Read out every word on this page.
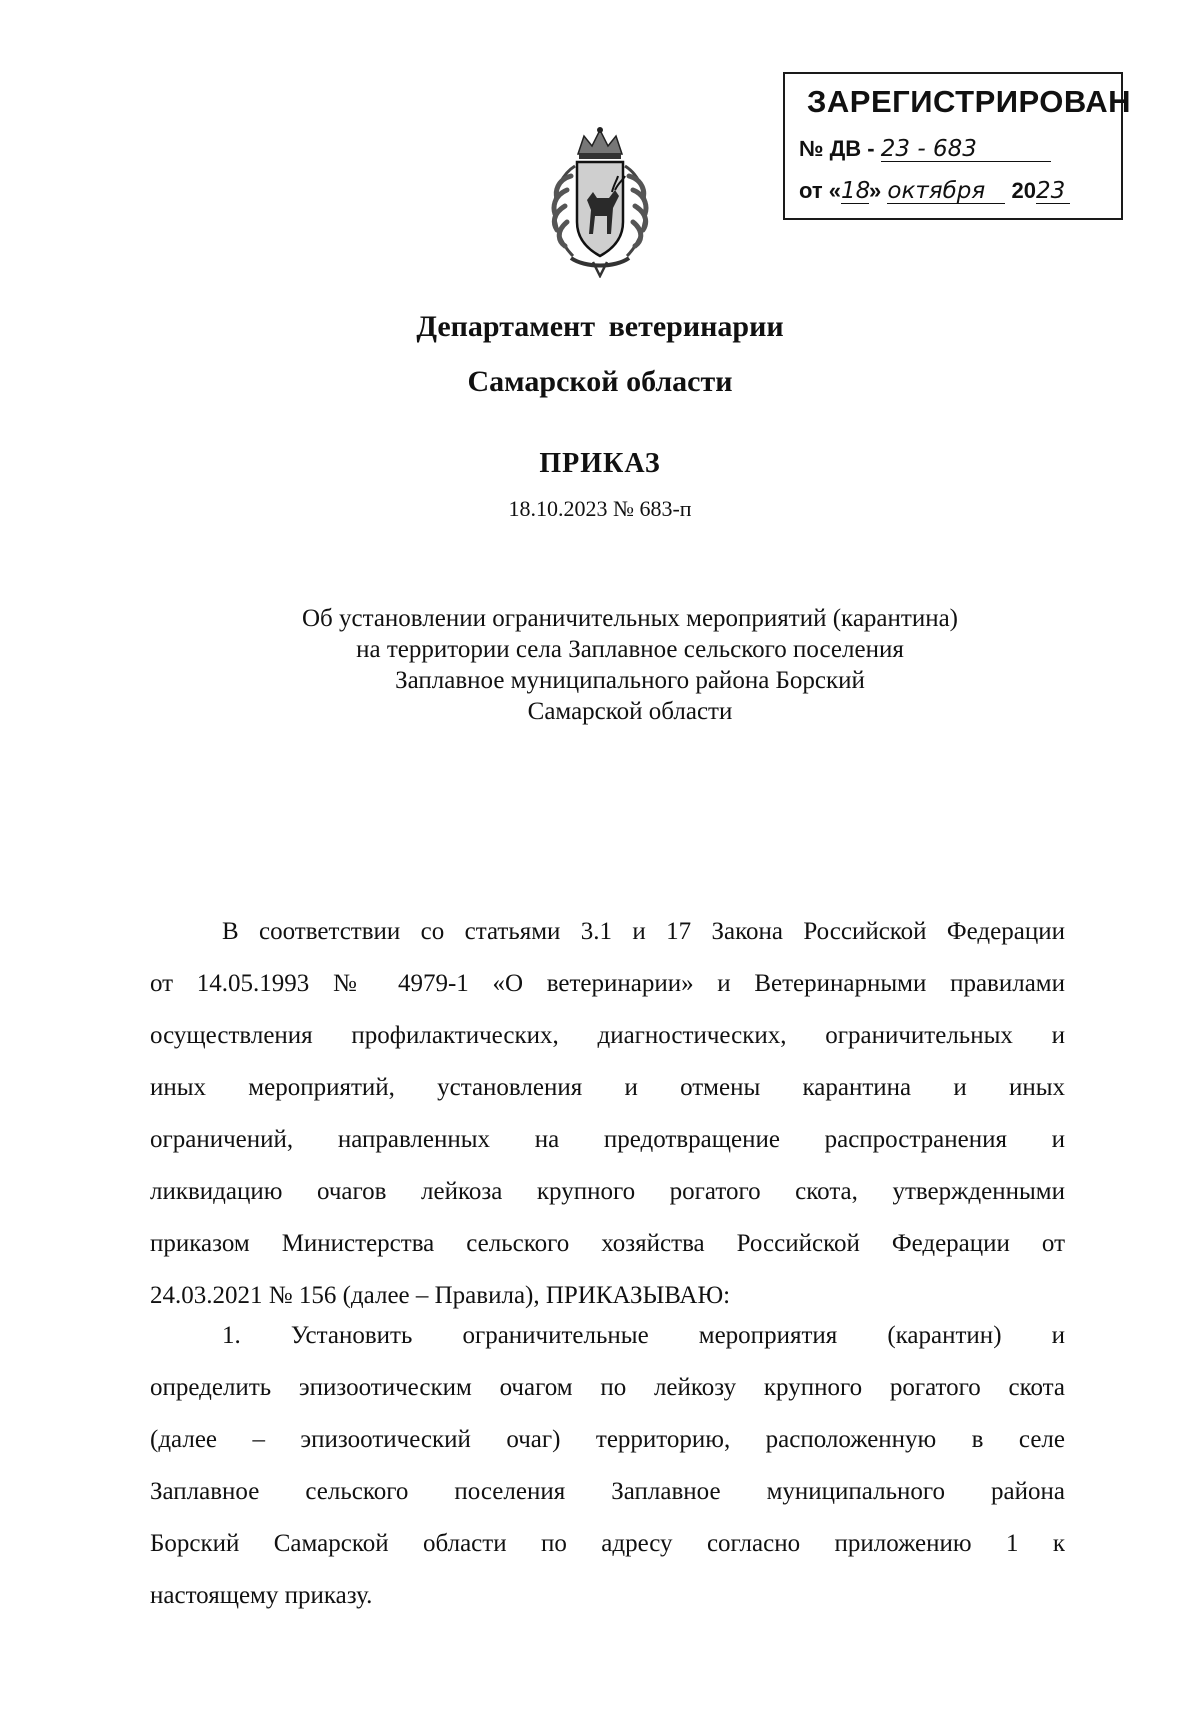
ЗАРЕГИСТРИРОВАН
№ ДВ - 23 - 683
от «18» октября 2023
Департамент ветеринарии
Самарской области
ПРИКАЗ
18.10.2023 № 683-п
Об установлении ограничительных мероприятий (карантина)
на территории села Заплавное сельского поселения
Заплавное муниципального района Борский
Самарской области
В соответствии со статьями 3.1 и 17 Закона Российской Федерации
от 14.05.1993 № 4979-1 «О ветеринарии» и Ветеринарными правилами
осуществления профилактических, диагностических, ограничительных и
иных мероприятий, установления и отмены карантина и иных
ограничений, направленных на предотвращение распространения и
ликвидацию очагов лейкоза крупного рогатого скота, утвержденными
приказом Министерства сельского хозяйства Российской Федерации от
24.03.2021 № 156 (далее – Правила), ПРИКАЗЫВАЮ:
1. Установить ограничительные мероприятия (карантин) и
определить эпизоотическим очагом по лейкозу крупного рогатого скота
(далее – эпизоотический очаг) территорию, расположенную в селе
Заплавное сельского поселения Заплавное муниципального района
Борский Самарской области по адресу согласно приложению 1 к
настоящему приказу.
